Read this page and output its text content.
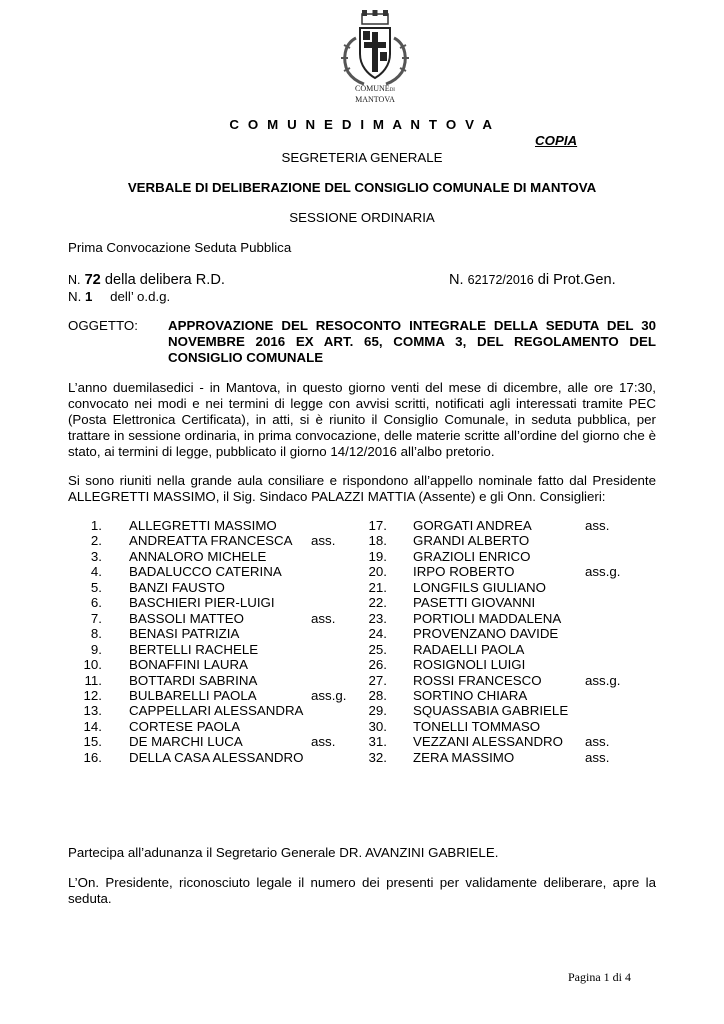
COMUNEDI
MANTOVA
C O M U N E D I M A N T O V A
COPIA
SEGRETERIA GENERALE
VERBALE DI DELIBERAZIONE DEL CONSIGLIO COMUNALE DI MANTOVA
SESSIONE ORDINARIA
Prima Convocazione Seduta Pubblica
N. 72 della delibera R.D.	N. 62172/2016 di Prot.Gen.
N. 1 dell’ o.d.g.
OGGETTO: APPROVAZIONE DEL RESOCONTO INTEGRALE DELLA SEDUTA DEL 30 NOVEMBRE 2016 EX ART. 65, COMMA 3, DEL REGOLAMENTO DEL CONSIGLIO COMUNALE
L’anno duemilasedici - in Mantova, in questo giorno venti del mese di dicembre, alle ore 17:30, convocato nei modi e nei termini di legge con avvisi scritti, notificati agli interessati tramite PEC (Posta Elettronica Certificata), in atti, si è riunito il Consiglio Comunale, in seduta pubblica, per trattare in sessione ordinaria, in prima convocazione, delle materie scritte all’ordine del giorno che è stato, ai termini di legge, pubblicato il giorno 14/12/2016 all’albo pretorio.
Si sono riuniti nella grande aula consiliare e rispondono all’appello nominale fatto dal Presidente ALLEGRETTI MASSIMO, il Sig. Sindaco PALAZZI MATTIA (Assente) e gli Onn. Consiglieri:
1. ALLEGRETTI MASSIMO
2. ANDREATTA FRANCESCA ass.
3. ANNALORO MICHELE
4. BADALUCCO CATERINA
5. BANZI FAUSTO
6. BASCHIERI PIER-LUIGI
7. BASSOLI MATTEO	ass.
8. BENASI PATRIZIA
9. BERTELLI RACHELE
10. BONAFFINI LAURA
11. BOTTARDI SABRINA
12. BULBARELLI PAOLA	ass.g.
13. CAPPELLARI ALESSANDRA
14. CORTESE PAOLA
15. DE MARCHI LUCA	ass.
16. DELLA CASA ALESSANDRO
17. GORGATI ANDREA	ass.
18. GRANDI ALBERTO
19. GRAZIOLI ENRICO
20. IRPO ROBERTO	ass.g.
21. LONGFILS GIULIANO
22. PASETTI GIOVANNI
23. PORTIOLI MADDALENA
24. PROVENZANO DAVIDE
25. RADAELLI PAOLA
26. ROSIGNOLI LUIGI
27. ROSSI FRANCESCO	ass.g.
28. SORTINO CHIARA
29. SQUASSABIA GABRIELE
30. TONELLI TOMMASO
31. VEZZANI ALESSANDRO ass.
32. ZERA MASSIMO	ass.
Partecipa all’adunanza il Segretario Generale DR. AVANZINI GABRIELE.
L’On. Presidente, riconosciuto legale il numero dei presenti per validamente deliberare, apre la seduta.
Pagina 1 di 4
